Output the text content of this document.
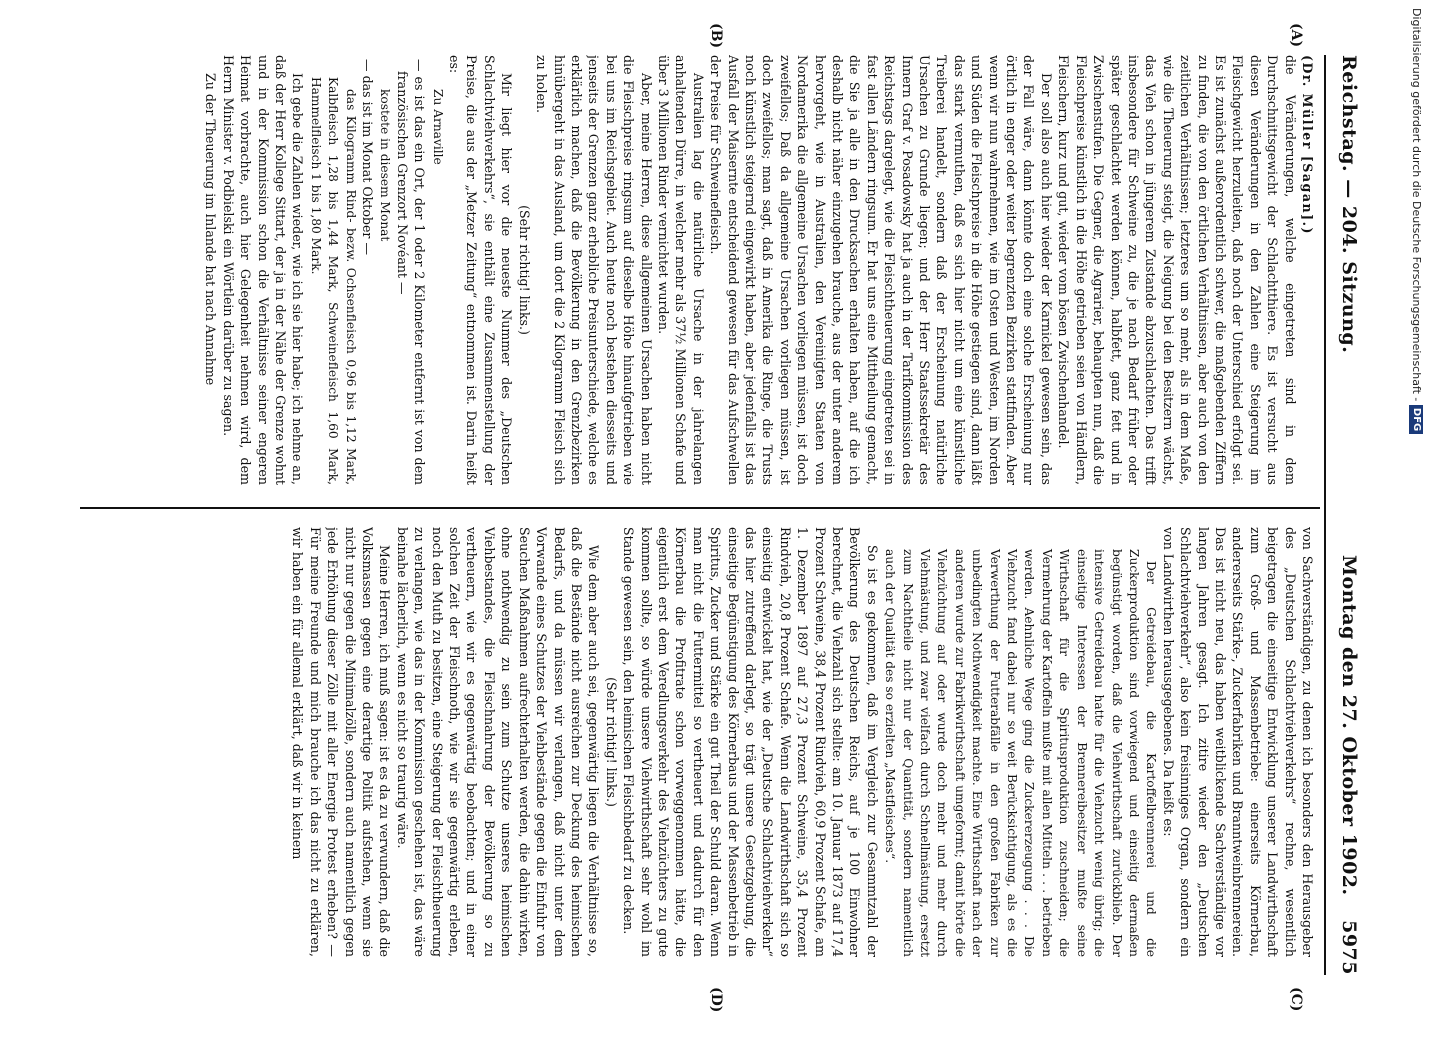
Reichstag. — 204. Sitzung.
Montag den 27. Oktober 1902.
5975
(A)
(B)
(C)
(D)

(Dr. Müller [Sagan].)

die Veränderungen, welche eingetreten sind in dem Durchschnittsgewicht der Schlachtthiere. Es ist versucht aus diesen Veränderungen in den Zahlen eine Steigerung im Fleischgewicht herzuleiten, daß noch der Unterschied erfolgt sei. Es ist zunächst außerordentlich schwer, die maßgebenden Ziffern zu finden, die von den örtlichen Verhältnissen, aber auch von den zeitlichen Verhältnissen; letzteres um so mehr, als in dem Maße, wie die Theuerung steigt, die Neigung bei den Besitzern wächst, das Vieh schon in jüngerem Zustande abzuschlachten. Das trifft insbesondere für Schweine zu, die je nach Bedarf früher oder später geschlachtet werden können, halbfett, ganz fett und in Zwischenstufen. Die Gegner, die Agrarier, behaupten nun, daß die Fleischpreise künstlich in die Höhe getrieben seien von Händlern, Fleischern, kurz und gut, wieder vom bösen Zwischenhandel.

Der soll also auch hier wieder der Karnickel gewesen sein, das der Fall wäre, dann könnte doch eine solche Erscheinung nur örtlich in enger oder weiter begrenzten Bezirken stattfinden. Aber wenn wir nun wahrnehmen, wie im Osten und Westen, im Norden und Süden die Fleischpreise in die Höhe gestiegen sind, dann läßt das stark vermuthen, daß es sich hier nicht um eine künstliche Treiberei handelt, sondern daß der Erscheinung natürliche Ursachen zu Grunde liegen; und der Herr Staatssekretär des Innern Graf v. Posadowsky hat ja auch in der Tarifkommission des Reichstags dargelegt, wie die Fleischtheuerung eingetreten sei in fast allen Ländern ringsum. Er hat uns eine Mittheilung gemacht, die Sie ja alle in den Drucksachen erhalten haben, auf die ich deshalb nicht näher einzugehen brauche, aus der unter anderem hervorgeht, wie in Australien, den Vereinigten Staaten von Nordamerika die allgemeine Ursachen vorliegen müssen, ist doch zweifellos; Daß da allgemeine Ursachen vorliegen müssen, ist doch zweifellos; man sagt, daß in Amerika die Ringe, die Trusts noch künstlich steigernd eingewirkt haben, aber jedenfalls ist das Ausfall der Maisernte entscheidend gewesen für das Aufschwellen der Preise für Schweinefleisch.

Australien lag die natürliche Ursache in der jahrelangen anhaltenden Dürre, in welcher mehr als 37½ Millionen Schafe und über 3 Millionen Rinder vernichtet wurden.

Aber, meine Herren, diese allgemeinen Ursachen haben nicht die Fleischpreise ringsum auf dieselbe Höhe hinaufgetrieben wie bei uns im Reichsgebiet. Auch heute noch bestehen diesseits und jenseits der Grenzen ganz erhebliche Preisunterschiede, welche es erklärlich machen, daß die Bevölkerung in den Grenzbezirken hinübergeht in das Ausland, um dort die 2 Kilogramm Fleisch sich zu holen.

(Sehr richtig! links.)

Mir liegt hier vor die neueste Nummer des „Deutschen Schlachtviehverkehrs“, sie enthält eine Zusammenstellung der Preise, die aus der „Metzer Zeitung“ entnommen ist. Darin heißt es:

Zu Arnaville

— es ist das ein Ort, der 1 oder 2 Kilometer entfernt ist von dem französischen Grenzort Novéant —

kostete in diesem Monat

— das ist im Monat Oktober —

das Kilogramm Rind- bezw. Ochsenfleisch 0,96 bis 1,12 Mark, Kalbfleisch 1,28 bis 1,44 Mark, Schweinefleisch 1,60 Mark, Hammelfleisch 1 bis 1,80 Mark.

Ich gebe die Zahlen wieder, wie ich sie hier habe; ich nehme an, daß der Herr Kollege Sittart, der ja in der Nähe der Grenze wohnt und in der Kommission schon die Verhältnisse seiner engeren Heimat vorbrachte, auch hier Gelegenheit nehmen wird, dem Herrn Minister v. Podbielski ein Wörtlein darüber zu sagen.

Zu der Theuerung im Inlande hat nach Annahme

von Sachverständigen, zu denen ich besonders den Herausgeber des „Deutschen Schlachtviehverkehrs“ rechne, wesentlich beigetragen die einseitige Entwicklung unserer Landwirthschaft zum Groß- und Massenbetriebe: einerseits Körnerbau, andererseits Stärke-, Zuckerfabriken und Branntweinbrennereien. Das ist nicht neu, das haben weitblickende Sachverständige vor langen Jahren gesagt. Ich zitire wieder den „Deutschen Schlachtviehverkehr“, also kein freisinniges Organ, sondern ein von Landwirthen herausgegebenes. Da heißt es:

Der Getreidebau, die Kartoffelbrennerei und die Zuckerproduktion sind vorwiegend und einseitig dermaßen begünstigt worden, daß die Viehwirthschaft zurückblieb. Der intensive Getreidebau hatte für die Viehzucht wenig übrig; die einseitige Interessen der Brennereibesitzer mußte seine Wirthschaft für die Spiritusproduktion zuschneiden; die Vermehrung der Kartoffeln mußte mit allen Mitteln . . . betrieben werden. Aehnliche Wege ging die Zuckererzeugung . . . Die Viehzucht fand dabei nur so weit Berücksichtigung, als es die Verwerthung der Futterabfälle in den großen Fabriken zur unbedingten Nothwendigkeit machte. Eine Wirthschaft nach der anderen wurde zur Fabrikwirthschaft umgeformt; damit hörte die Viehzüchtung auf oder wurde doch mehr und mehr durch Viehmästung, und zwar vielfach durch Schnellmästung, ersetzt zum Nachtheile nicht nur der Quantität, sondern namentlich auch der Qualität des so erzielten „Mastfleisches“.

So ist es gekommen, daß im Vergleich zur Gesammtzahl der Bevölkerung des Deutschen Reichs, auf je 100 Einwohner berechnet, die Viehzahl sich stellte: am 10. Januar 1873 auf 17,4 Prozent Schweine, 38,4 Prozent Rindvieh, 60,9 Prozent Schafe, am 1. Dezember 1897 auf 27,3 Prozent Schweine, 35,4 Prozent Rindvieh, 20,8 Prozent Schafe. Wenn die Landwirthschaft sich so einseitig entwickelt hat, wie der „Deutsche Schlachtviehverkehr“ das hier zutreffend darlegt, so trägt unsere Gesetzgebung, die einseitige Begünstigung des Körnerbaus und der Massenbetrieb in Spiritus, Zucker und Stärke ein gut Theil der Schuld daran. Wenn man nicht die Futtermittel so vertheuert und dadurch für den Körnerbau die Profitrate schon vorweggenommen hätte, die eigentlich erst dem Veredlungsverkehr des Viehzüchters zu gute kommen sollte, so würde unsere Viehwirthschaft sehr wohl im Stande gewesen sein, den heimischen Fleischbedarf zu decken.

(Sehr richtig! links.)

Wie dem aber auch sei, gegenwärtig liegen die Verhältnisse so, daß die Bestände nicht ausreichen zur Deckung des heimischen Bedarfs, und da müssen wir verlangen, daß nicht unter dem Vorwande eines Schutzes der Viehbestände gegen die Einfuhr von Seuchen Maßnahmen aufrechterhalten werden, die dahin wirken, ohne nothwendig zu sein zum Schutze unseres heimischen Viehbestandes, die Fleischnahrung der Bevölkerung so zu vertheuern, wie wir es gegenwärtig beobachten; und in einer solchen Zeit der Fleischnoth, wie wir sie gegenwärtig erleben, noch den Muth zu besitzen, eine Steigerung der Fleischtheuerung zu verlangen, wie das in der Kommission geschehen ist, das wäre beinahe lächerlich, wenn es nicht so traurig wäre.

Meine Herren, ich muß sagen: ist es da zu verwundern, daß die Volksmassen gegen eine derartige Politik aufstehen, wenn sie nicht nur gegen die Minimalzölle, sondern auch namentlich gegen jede Erhöhung dieser Zölle mit aller Energie Protest erheben? — Für meine Freunde und mich brauche ich das nicht zu erklären, wir haben ein für allemal erklärt, daß wir in keinem

Digitalisierung gefördert durch die Deutsche Forschungsgemeinschaft - DFG
